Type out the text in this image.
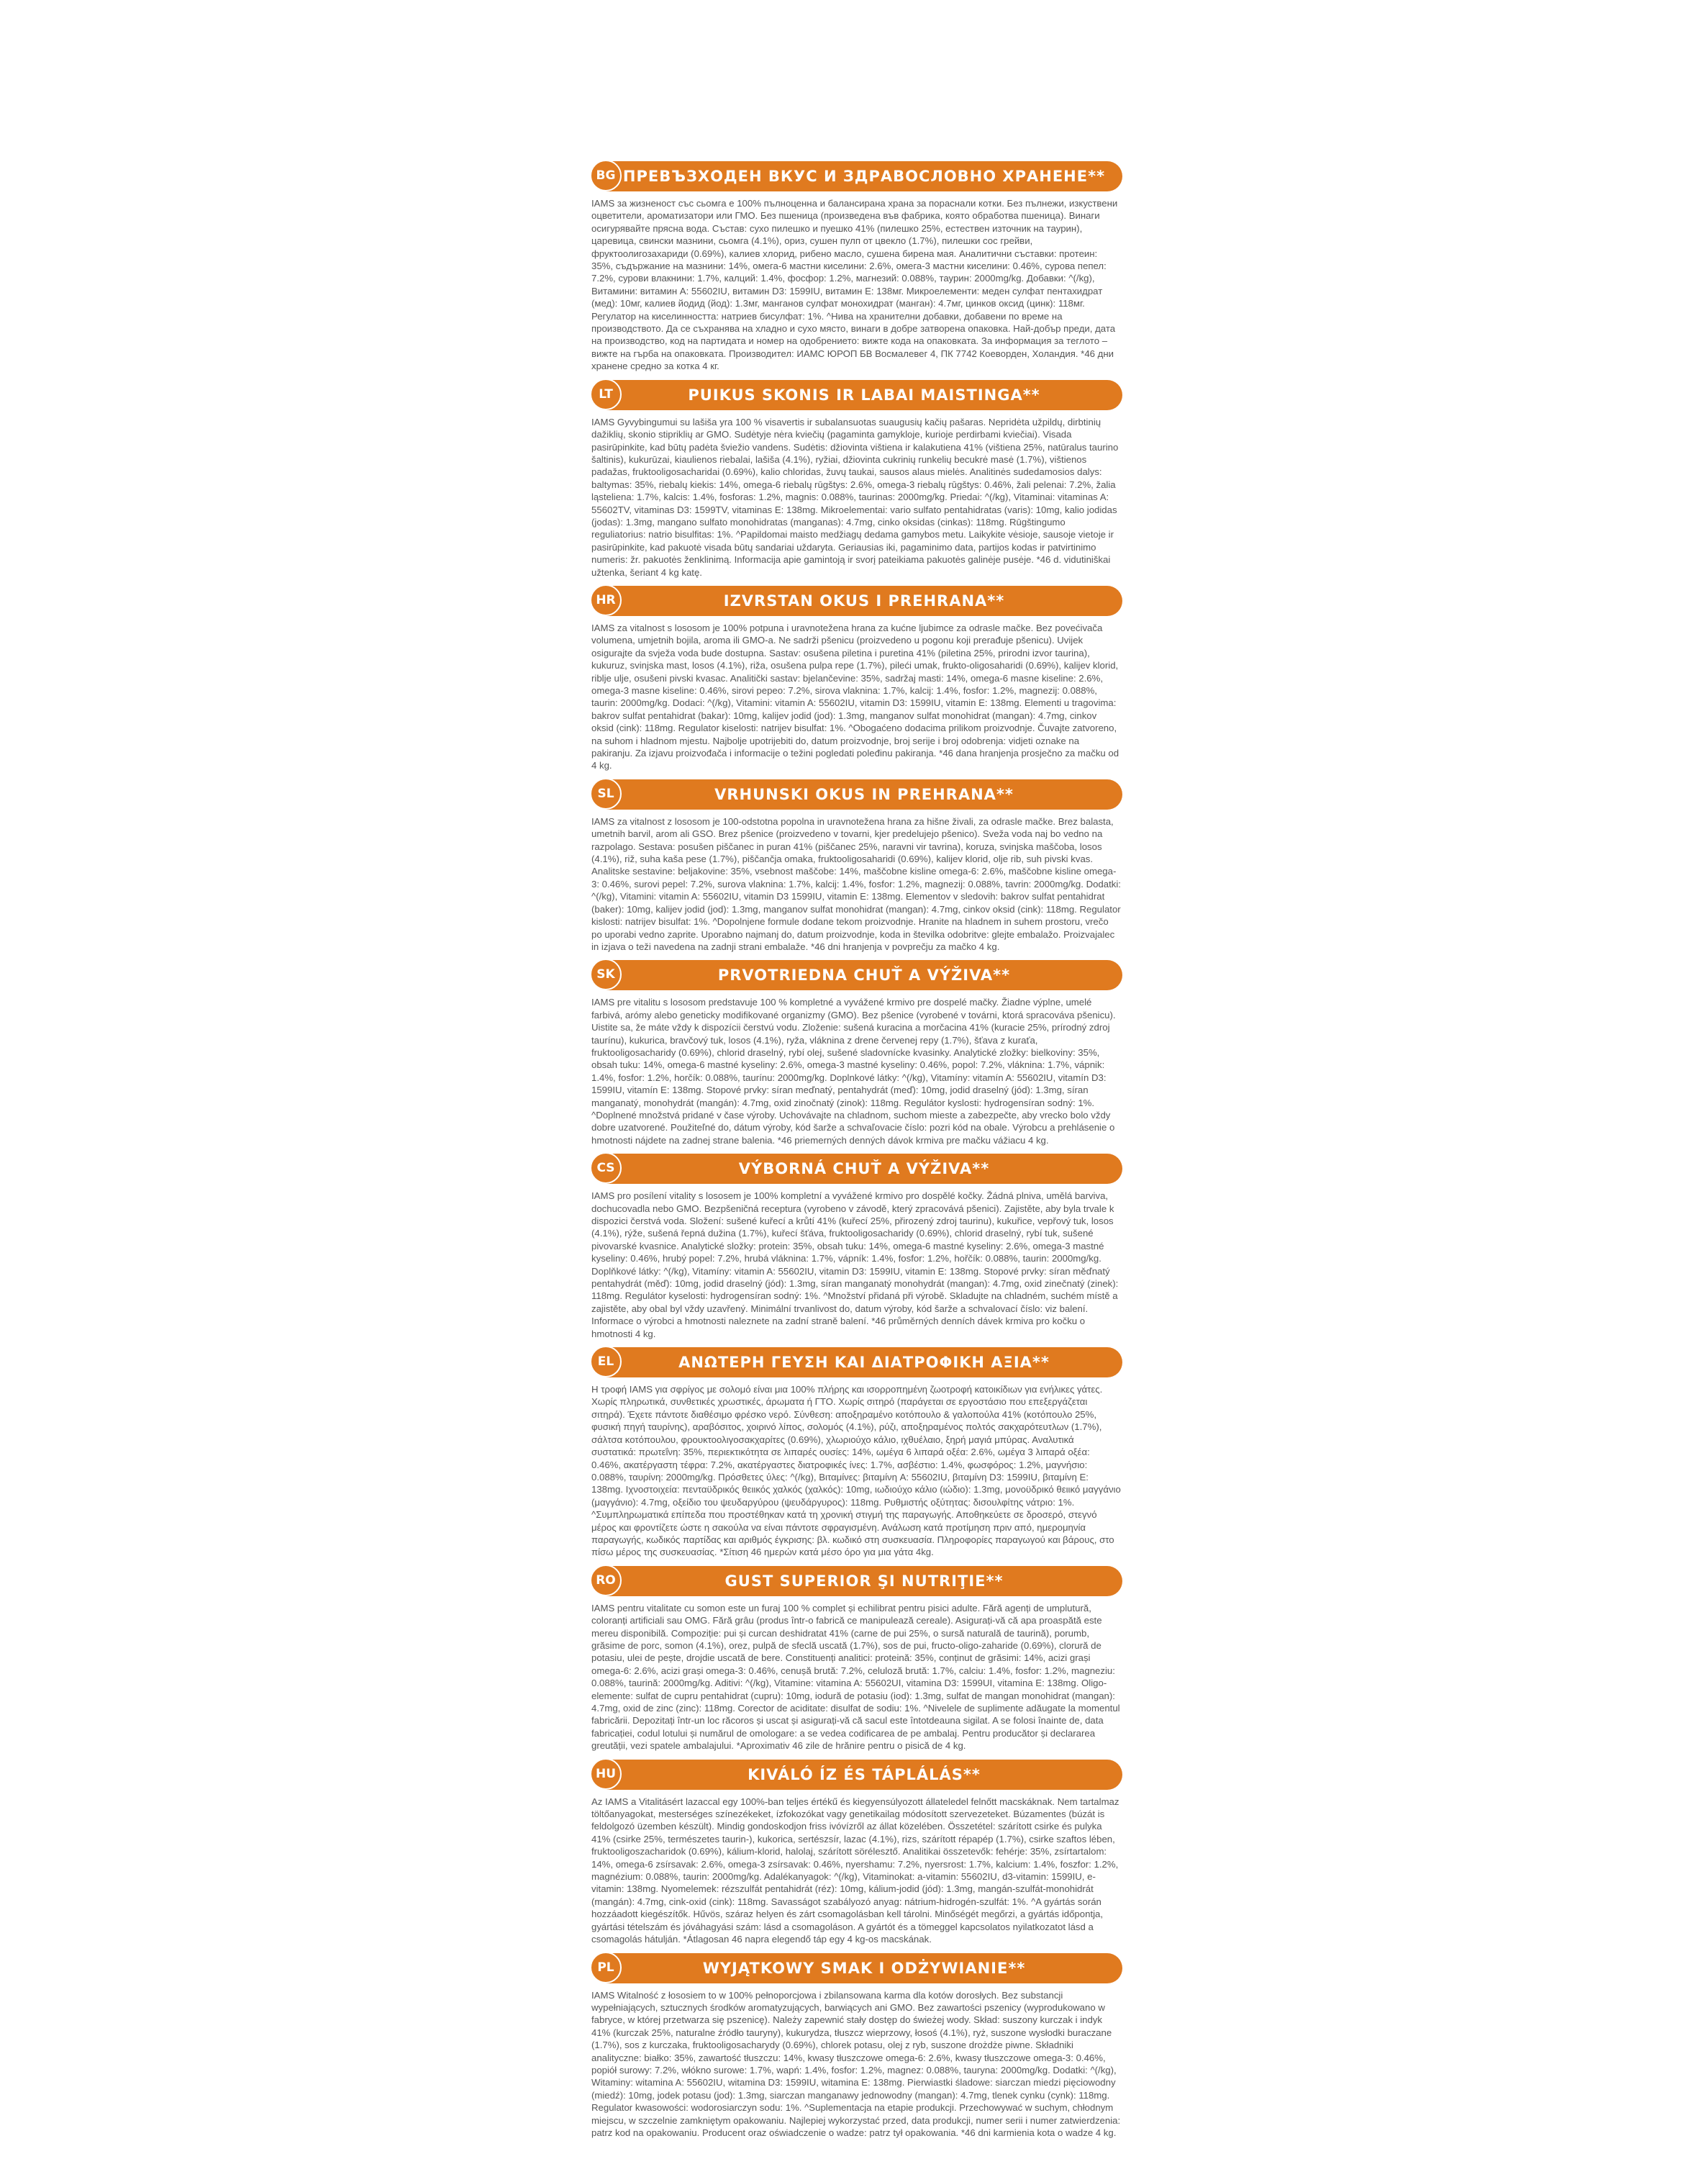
ПРЕВЪЗХОДЕН ВКУС И ЗДРАВОСЛОВНО ХРАНЕНЕ**
BG
IAMS за жизненост със сьомга е 100% пълноценна и балансирана храна за пораснали котки. Без пълнежи, изкуствени оцветители, ароматизатори или ГМО. Без пшеница (произведена във фабрика, която обработва пшеница). Винаги осигурявайте прясна вода. Състав: сухо пилешко и пуешко 41% (пилешко 25%, естествен източник на таурин), царевица, свински мазнини, сьомга (4.1%), ориз, сушен пулп от цвекло (1.7%), пилешки сос грейви, фруктоолигозахариди (0.69%), калиев хлорид, рибено масло, сушена бирена мая. Аналитични съставки: протеин: 35%, съдържание на мазнини: 14%, омега-6 мастни киселини: 2.6%, омега-3 мастни киселини: 0.46%, сурова пепел: 7.2%, сурови влакнини: 1.7%, калций: 1.4%, фосфор: 1.2%, магнезий: 0.088%, таурин: 2000mg/kg. Добавки: ^(/kg), Витамини: витамин A: 55602IU, витамин D3: 1599IU, витамин E: 138мг. Микроелементи: меден сулфат пентахидрат (мед): 10мг, калиев йодид (йод): 1.3мг, манганов сулфат монохидрат (манган): 4.7мг, цинков оксид (цинк): 118мг. Регулатор на киселинността: натриев бисулфат: 1%. ^Нива на хранителни добавки, добавени по време на производството. Да се съхранява на хладно и сухо място, винаги в добре затворена опаковка. Най-добър преди, дата на производство, код на партидата и номер на одобрението: вижте кода на опаковката. За информация за теглото – вижте на гърба на опаковката. Производител: ИАМС ЮРОП БВ Восмалевег 4, ПК 7742 Коеворден, Холандия. *46 дни хранене средно за котка 4 кг.
PUIKUS SKONIS IR LABAI MAISTINGA**
LT
IAMS Gyvybingumui su lašiša yra 100 % visavertis ir subalansuotas suaugusių kačių pašaras. Nepridėta užpildų, dirbtinių dažiklių, skonio stipriklių ar GMO. Sudėtyje nėra kviečių (pagaminta gamykloje, kurioje perdirbami kviečiai). Visada pasirūpinkite, kad būtų padėta šviežio vandens. Sudėtis: džiovinta vištiena ir kalakutiena 41% (vištiena 25%, natūralus taurino šaltinis), kukurūzai, kiaulienos riebalai, lašiša (4.1%), ryžiai, džiovinta cukrinių runkelių becukrė masė (1.7%), vištienos padažas, fruktooligosacharidai (0.69%), kalio chloridas, žuvų taukai, sausos alaus mielės. Analitinės sudedamosios dalys: baltymas: 35%, riebalų kiekis: 14%, omega-6 riebalų rūgštys: 2.6%, omega-3 riebalų rūgštys: 0.46%, žali pelenai: 7.2%, žalia ląsteliena: 1.7%, kalcis: 1.4%, fosforas: 1.2%, magnis: 0.088%, taurinas: 2000mg/kg. Priedai: ^(/kg), Vitaminai: vitaminas A: 55602TV, vitaminas D3: 1599TV, vitaminas E: 138mg. Mikroelementai: vario sulfato pentahidratas (varis): 10mg, kalio jodidas (jodas): 1.3mg, mangano sulfato monohidratas (manganas): 4.7mg, cinko oksidas (cinkas): 118mg. Rūgštingumo reguliatorius: natrio bisulfitas: 1%. ^Papildomai maisto medžiagų dedama gamybos metu. Laikykite vėsioje, sausoje vietoje ir pasirūpinkite, kad pakuotė visada būtų sandariai uždaryta. Geriausias iki, pagaminimo data, partijos kodas ir patvirtinimo numeris: žr. pakuotės ženklinimą. Informacija apie gamintoją ir svorį pateikiama pakuotės galinėje pusėje. *46 d. vidutiniškai užtenka, šeriant 4 kg katę.
IZVRSTAN OKUS I PREHRANA**
HR
IAMS za vitalnost s lososom je 100% potpuna i uravnotežena hrana za kućne ljubimce za odrasle mačke. Bez povećivača volumena, umjetnih bojila, aroma ili GMO-a. Ne sadrži pšenicu (proizvedeno u pogonu koji prerađuje pšenicu). Uvijek osigurajte da svježa voda bude dostupna. Sastav: osušena piletina i puretina 41% (piletina 25%, prirodni izvor taurina), kukuruz, svinjska mast, losos (4.1%), riža, osušena pulpa repe (1.7%), pileći umak, frukto-oligosaharidi (0.69%), kalijev klorid, riblje ulje, osušeni pivski kvasac. Analitički sastav: bjelančevine: 35%, sadržaj masti: 14%, omega-6 masne kiseline: 2.6%, omega-3 masne kiseline: 0.46%, sirovi pepeo: 7.2%, sirova vlaknina: 1.7%, kalcij: 1.4%, fosfor: 1.2%, magnezij: 0.088%, taurin: 2000mg/kg. Dodaci: ^(/kg), Vitamini: vitamin A: 55602IU, vitamin D3: 1599IU, vitamin E: 138mg. Elementi u tragovima: bakrov sulfat pentahidrat (bakar): 10mg, kalijev jodid (jod): 1.3mg, manganov sulfat monohidrat (mangan): 4.7mg, cinkov oksid (cink): 118mg. Regulator kiselosti: natrijev bisulfat: 1%. ^Obogaćeno dodacima prilikom proizvodnje. Čuvajte zatvoreno, na suhom i hladnom mjestu. Najbolje upotrijebiti do, datum proizvodnje, broj serije i broj odobrenja: vidjeti oznake na pakiranju. Za izjavu proizvođača i informacije o težini pogledati poleđinu pakiranja. *46 dana hranjenja prosječno za mačku od 4 kg.
VRHUNSKI OKUS IN PREHRANA**
SL
IAMS za vitalnost z lososom je 100-odstotna popolna in uravnotežena hrana za hišne živali, za odrasle mačke. Brez balasta, umetnih barvil, arom ali GSO. Brez pšenice (proizvedeno v tovarni, kjer predelujejo pšenico). Sveža voda naj bo vedno na razpolago. Sestava: posušen piščanec in puran 41% (piščanec 25%, naravni vir tavrina), koruza, svinjska maščoba, losos (4.1%), riž, suha kaša pese (1.7%), piščančja omaka, fruktooligosaharidi (0.69%), kalijev klorid, olje rib, suh pivski kvas. Analitske sestavine: beljakovine: 35%, vsebnost maščobe: 14%, maščobne kisline omega-6: 2.6%, maščobne kisline omega-3: 0.46%, surovi pepel: 7.2%, surova vlaknina: 1.7%, kalcij: 1.4%, fosfor: 1.2%, magnezij: 0.088%, tavrin: 2000mg/kg. Dodatki: ^(/kg), Vitamini: vitamin A: 55602IU, vitamin D3 1599IU, vitamin E: 138mg. Elementov v sledovih: bakrov sulfat pentahidrat (baker): 10mg, kalijev jodid (jod): 1.3mg, manganov sulfat monohidrat (mangan): 4.7mg, cinkov oksid (cink): 118mg. Regulator kislosti: natrijev bisulfat: 1%. ^Dopolnjene formule dodane tekom proizvodnje. Hranite na hladnem in suhem prostoru, vrečo po uporabi vedno zaprite. Uporabno najmanj do, datum proizvodnje, koda in številka odobritve: glejte embalažo. Proizvajalec in izjava o teži navedena na zadnji strani embalaže. *46 dni hranjenja v povprečju za mačko 4 kg.
PRVOTRIEDNA CHUŤ A VÝŽIVA**
SK
IAMS pre vitalitu s lososom predstavuje 100 % kompletné a vyvážené krmivo pre dospelé mačky. Žiadne výplne, umelé farbivá, arómy alebo geneticky modifikované organizmy (GMO). Bez pšenice (vyrobené v továrni, ktorá spracováva pšenicu). Uistite sa, že máte vždy k dispozícii čerstvú vodu. Zloženie: sušená kuracina a morčacina 41% (kuracie 25%, prírodný zdroj taurínu), kukurica, bravčový tuk, losos (4.1%), ryža, vláknina z drene červenej repy (1.7%), šťava z kuraťa, fruktooligosacharidy (0.69%), chlorid draselný, rybí olej, sušené sladovnícke kvasinky. Analytické zložky: bielkoviny: 35%, obsah tuku: 14%, omega-6 mastné kyseliny: 2.6%, omega-3 mastné kyseliny: 0.46%, popol: 7.2%, vláknina: 1.7%, vápnik: 1.4%, fosfor: 1.2%, horčík: 0.088%, taurínu: 2000mg/kg. Doplnkové látky: ^(/kg), Vitamíny: vitamín A: 55602IU, vitamín D3: 1599IU, vitamín E: 138mg. Stopové prvky: síran meďnatý, pentahydrát (meď): 10mg, jodid draselný (jód): 1.3mg, síran manganatý, monohydrát (mangán): 4.7mg, oxid zinočnatý (zinok): 118mg. Regulátor kyslosti: hydrogensíran sodný: 1%. ^Doplnené množstvá pridané v čase výroby. Uchovávajte na chladnom, suchom mieste a zabezpečte, aby vrecko bolo vždy dobre uzatvorené. Použiteľné do, dátum výroby, kód šarže a schvaľovacie číslo: pozri kód na obale. Výrobcu a prehlásenie o hmotnosti nájdete na zadnej strane balenia. *46 priemerných denných dávok krmiva pre mačku vážiacu 4 kg.
VÝBORNÁ CHUŤ A VÝŽIVA**
CS
IAMS pro posílení vitality s lososem je 100% kompletní a vyvážené krmivo pro dospělé kočky. Žádná plniva, umělá barviva, dochucovadla nebo GMO. Bezpšeničná receptura (vyrobeno v závodě, který zpracovává pšenici). Zajistěte, aby byla trvale k dispozici čerstvá voda. Složení: sušené kuřecí a krůtí 41% (kuřecí 25%, přirozený zdroj taurinu), kukuřice, vepřový tuk, losos (4.1%), rýže, sušená řepná dužina (1.7%), kuřecí šťáva, fruktooligosacharidy (0.69%), chlorid draselný, rybí tuk, sušené pivovarské kvasnice. Analytické složky: protein: 35%, obsah tuku: 14%, omega-6 mastné kyseliny: 2.6%, omega-3 mastné kyseliny: 0.46%, hrubý popel: 7.2%, hrubá vláknina: 1.7%, vápník: 1.4%, fosfor: 1.2%, hořčík: 0.088%, taurin: 2000mg/kg. Doplňkové látky: ^(/kg), Vitamíny: vitamin A: 55602IU, vitamin D3: 1599IU, vitamin E: 138mg. Stopové prvky: síran měďnatý pentahydrát (měď): 10mg, jodid draselný (jód): 1.3mg, síran manganatý monohydrát (mangan): 4.7mg, oxid zinečnatý (zinek): 118mg. Regulátor kyselosti: hydrogensíran sodný: 1%. ^Množství přidaná při výrobě. Skladujte na chladném, suchém místě a zajistěte, aby obal byl vždy uzavřený. Minimální trvanlivost do, datum výroby, kód šarže a schvalovací číslo: viz balení. Informace o výrobci a hmotnosti naleznete na zadní straně balení. *46 průměrných denních dávek krmiva pro kočku o hmotnosti 4 kg.
ΑΝΩΤΕΡΗ ΓΕΥΣΗ ΚΑΙ ΔΙΑΤΡΟΦΙΚΗ ΑΞΙΑ**
EL
Η τροφή IAMS για σφρίγος με σολομό είναι μια 100% πλήρης και ισορροπημένη ζωοτροφή κατοικίδιων για ενήλικες γάτες. Χωρίς πληρωτικά, συνθετικές χρωστικές, άρωματα ή ΓΤΟ. Χωρίς σιτηρό (παράγεται σε εργοστάσιο που επεξεργάζεται σιτηρά). Έχετε πάντοτε διαθέσιμο φρέσκο νερό. Σύνθεση: αποξηραμένο κοτόπουλο & γαλοπούλα 41% (κοτόπουλο 25%, φυσική πηγή ταυρίνης), αραβόσιτος, χοιρινό λίπος, σολομός (4.1%), ρύζι, αποξηραμένος πολτός σακχαρότευτλων (1.7%), σάλτσα κοτόπουλου, φρουκτοολιγοσακχαρίτες (0.69%), χλωριούχο κάλιο, ιχθυέλαιο, ξηρή μαγιά μπύρας. Αναλυτικά συστατικά: πρωτεΐνη: 35%, περιεκτικότητα σε λιπαρές ουσίες: 14%, ωμέγα 6 λιπαρά οξέα: 2.6%, ωμέγα 3 λιπαρά οξέα: 0.46%, ακατέργαστη τέφρα: 7.2%, ακατέργαστες διατροφικές ίνες: 1.7%, ασβέστιο: 1.4%, φωσφόρος: 1.2%, μαγνήσιο: 0.088%, ταυρίνη: 2000mg/kg. Πρόσθετες ύλες: ^(/kg), Βιταμίνες: βιταμίνη A: 55602IU, βιταμίνη D3: 1599IU, βιταμίνη E: 138mg. Ιχνοστοιχεία: πενταϋδρικός θειικός χαλκός (χαλκός): 10mg, ιωδιούχο κάλιο (ιώδιο): 1.3mg, μονοϋδρικό θειικό μαγγάνιο (μαγγάνιο): 4.7mg, οξείδιο του ψευδαργύρου (ψευδάργυρος): 118mg. Ρυθμιστής οξύτητας: δισουλφίτης νάτριο: 1%. ^Συμπληρωματικά επίπεδα που προστέθηκαν κατά τη χρονική στιγμή της παραγωγής. Αποθηκεύετε σε δροσερό, στεγνό μέρος και φροντίζετε ώστε η σακούλα να είναι πάντοτε σφραγισμένη. Ανάλωση κατά προτίμηση πριν από, ημερομηνία παραγωγής, κωδικός παρτίδας και αριθμός έγκρισης: βλ. κωδικό στη συσκευασία. Πληροφορίες παραγωγού και βάρους, στο πίσω μέρος της συσκευασίας. *Σίτιση 46 ημερών κατά μέσο όρο για μια γάτα 4kg.
GUST SUPERIOR ŞI NUTRIŢIE**
RO
IAMS pentru vitalitate cu somon este un furaj 100 % complet și echilibrat pentru pisici adulte. Fără agenți de umplutură, coloranți artificiali sau OMG. Fără grâu (produs într-o fabrică ce manipulează cereale). Asigurați-vă că apa proaspătă este mereu disponibilă. Compoziție: pui și curcan deshidratat 41% (carne de pui 25%, o sursă naturală de taurină), porumb, grăsime de porc, somon (4.1%), orez, pulpă de sfeclă uscată (1.7%), sos de pui, fructo-oligo-zaharide (0.69%), clorură de potasiu, ulei de pește, drojdie uscată de bere. Constituenți analitici: proteină: 35%, conținut de grăsimi: 14%, acizi grași omega-6: 2.6%, acizi grași omega-3: 0.46%, cenușă brută: 7.2%, celuloză brută: 1.7%, calciu: 1.4%, fosfor: 1.2%, magneziu: 0.088%, taurină: 2000mg/kg. Aditivi: ^(/kg), Vitamine: vitamina A: 55602UI, vitamina D3: 1599UI, vitamina E: 138mg. Oligo-elemente: sulfat de cupru pentahidrat (cupru): 10mg, iodură de potasiu (iod): 1.3mg, sulfat de mangan monohidrat (mangan): 4.7mg, oxid de zinc (zinc): 118mg. Corector de aciditate: disulfat de sodiu: 1%. ^Nivelele de suplimente adăugate la momentul fabricării. Depozitați într-un loc răcoros și uscat și asigurați-vă că sacul este întotdeauna sigilat. A se folosi înainte de, data fabricației, codul lotului și numărul de omologare: a se vedea codificarea de pe ambalaj. Pentru producător și declararea greutății, vezi spatele ambalajului. *Aproximativ 46 zile de hrănire pentru o pisică de 4 kg.
KIVÁLÓ ÍZ ÉS TÁPLÁLÁS**
HU
Az IAMS a Vitalitásért lazaccal egy 100%-ban teljes értékű és kiegyensúlyozott állateledel felnőtt macskáknak. Nem tartalmaz töltőanyagokat, mesterséges színezékeket, ízfokozókat vagy genetikailag módosított szervezeteket. Búzamentes (búzát is feldolgozó üzemben készült). Mindig gondoskodjon friss ivóvízről az állat közelében. Összetétel: szárított csirke és pulyka 41% (csirke 25%, természetes taurin-), kukorica, sertészsír, lazac (4.1%), rizs, szárított répapép (1.7%), csirke szaftos lében, fruktooligoszacharidok (0.69%), kálium-klorid, halolaj, szárított sörélesztő. Analitikai összetevők: fehérje: 35%, zsírtartalom: 14%, omega-6 zsírsavak: 2.6%, omega-3 zsírsavak: 0.46%, nyershamu: 7.2%, nyersrost: 1.7%, kalcium: 1.4%, foszfor: 1.2%, magnézium: 0.088%, taurin: 2000mg/kg. Adalékanyagok: ^(/kg), Vitaminokat: a-vitamin: 55602IU, d3-vitamin: 1599IU, e-vitamin: 138mg. Nyomelemek: rézszulfát pentahidrát (réz): 10mg, kálium-jodid (jód): 1.3mg, mangán-szulfát-monohidrát (mangán): 4.7mg, cink-oxid (cink): 118mg. Savasságot szabályozó anyag: nátrium-hidrogén-szulfát: 1%. ^A gyártás során hozzáadott kiegészítők. Hűvös, száraz helyen és zárt csomagolásban kell tárolni. Minőségét megőrzi, a gyártás időpontja, gyártási tételszám és jóváhagyási szám: lásd a csomagoláson. A gyártót és a tömeggel kapcsolatos nyilatkozatot lásd a csomagolás hátulján. *Átlagosan 46 napra elegendő táp egy 4 kg-os macskának.
WYJĄTKOWY SMAK I ODŻYWIANIE**
PL
IAMS Witalność z łososiem to w 100% pełnoporcjowa i zbilansowana karma dla kotów dorosłych. Bez substancji wypełniających, sztucznych środków aromatyzujących, barwiących ani GMO. Bez zawartości pszenicy (wyprodukowano w fabryce, w której przetwarza się pszenicę). Należy zapewnić stały dostęp do świeżej wody. Skład: suszony kurczak i indyk 41% (kurczak 25%, naturalne źródło tauryny), kukurydza, tłuszcz wieprzowy, łosoś (4.1%), ryż, suszone wysłodki buraczane (1.7%), sos z kurczaka, fruktooligosacharydy (0.69%), chlorek potasu, olej z ryb, suszone drożdże piwne. Składniki analityczne: białko: 35%, zawartość tłuszczu: 14%, kwasy tłuszczowe omega-6: 2.6%, kwasy tłuszczowe omega-3: 0.46%, popiół surowy: 7.2%, włókno surowe: 1.7%, wapń: 1.4%, fosfor: 1.2%, magnez: 0.088%, tauryna: 2000mg/kg. Dodatki: ^(/kg), Witaminy: witamina A: 55602IU, witamina D3: 1599IU, witamina E: 138mg. Pierwiastki śladowe: siarczan miedzi pięciowodny (miedź): 10mg, jodek potasu (jod): 1.3mg, siarczan manganawy jednowodny (mangan): 4.7mg, tlenek cynku (cynk): 118mg. Regulator kwasowości: wodorosiarczyn sodu: 1%. ^Suplementacja na etapie produkcji. Przechowywać w suchym, chłodnym miejscu, w szczelnie zamkniętym opakowaniu. Najlepiej wykorzystać przed, data produkcji, numer serii i numer zatwierdzenia: patrz kod na opakowaniu. Producent oraz oświadczenie o wadze: patrz tył opakowania. *46 dni karmienia kota o wadze 4 kg.
